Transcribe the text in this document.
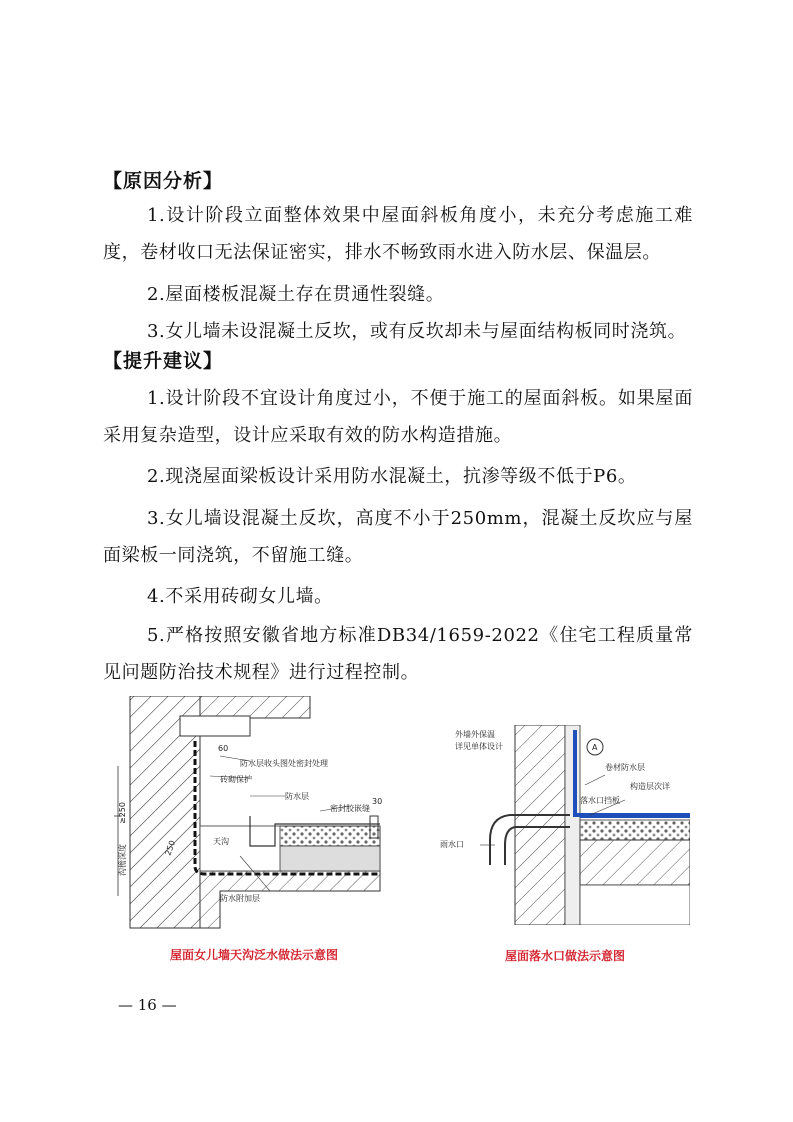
【原因分析】

1.设计阶段立面整体效果中屋面斜板角度小，未充分考虑施工难度，卷材收口无法保证密实，排水不畅致雨水进入防水层、保温层。

2.屋面楼板混凝土存在贯通性裂缝。

3.女儿墙未设混凝土反坎，或有反坎却未与屋面结构板同时浇筑。

【提升建议】

1.设计阶段不宜设计角度过小，不便于施工的屋面斜板。如果屋面采用复杂造型，设计应采取有效的防水构造措施。

2.现浇屋面梁板设计采用防水混凝土，抗渗等级不低于P6。

3.女儿墙设混凝土反坎，高度不小于250mm，混凝土反坎应与屋面梁板一同浇筑，不留施工缝。

4.不采用砖砌女儿墙。

5.严格按照安徽省地方标准DB34/1659-2022《住宅工程质量常见问题防治技术规程》进行过程控制。

防水层收头图处密封处理
砖砌保护
防水层
密封胶嵌缝
天沟
防水附加层
60
30
≥250
沟檐深度	250
屋面女儿墙天沟泛水做法示意图
A
外墙外保温
详见单体设计
卷材防水层
构造层次详
落水口挡板
雨水口
屋面落水口做法示意图
— 16 —
